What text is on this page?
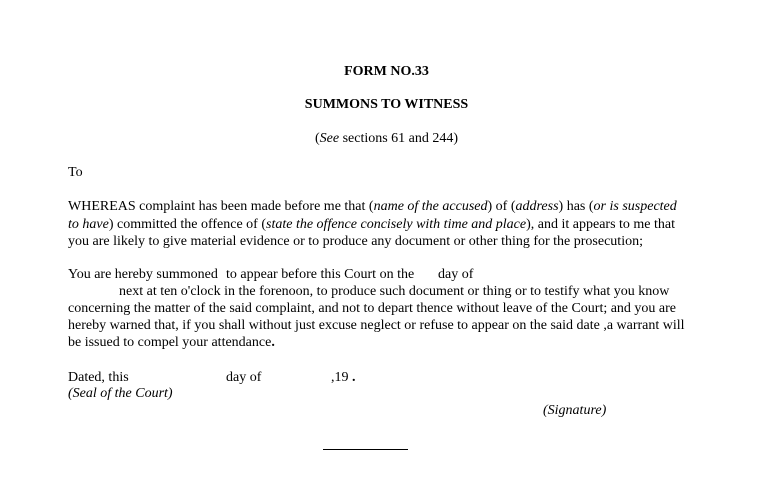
FORM NO.33
SUMMONS TO WITNESS
(See sections 61 and 244)
To
WHEREAS complaint has been made before me that (name of the accused) of (address) has (or is suspected
to have) committed the offence of (state the offence concisely with time and place), and it appears to me that
you are likely to give material evidence or to produce any document or other thing for the prosecution;
You are hereby summoned to appear before this Court on the day of
next at ten o'clock in the forenoon, to produce such document or thing or to testify what you know
concerning the matter of the said complaint, and not to depart thence without leave of the Court; and you are
hereby warned that, if you shall without just excuse neglect or refuse to appear on the said date ,a warrant will
be issued to compel your attendance.
Dated, this	day of	,19 .
(Seal of the Court)
(Signature)
